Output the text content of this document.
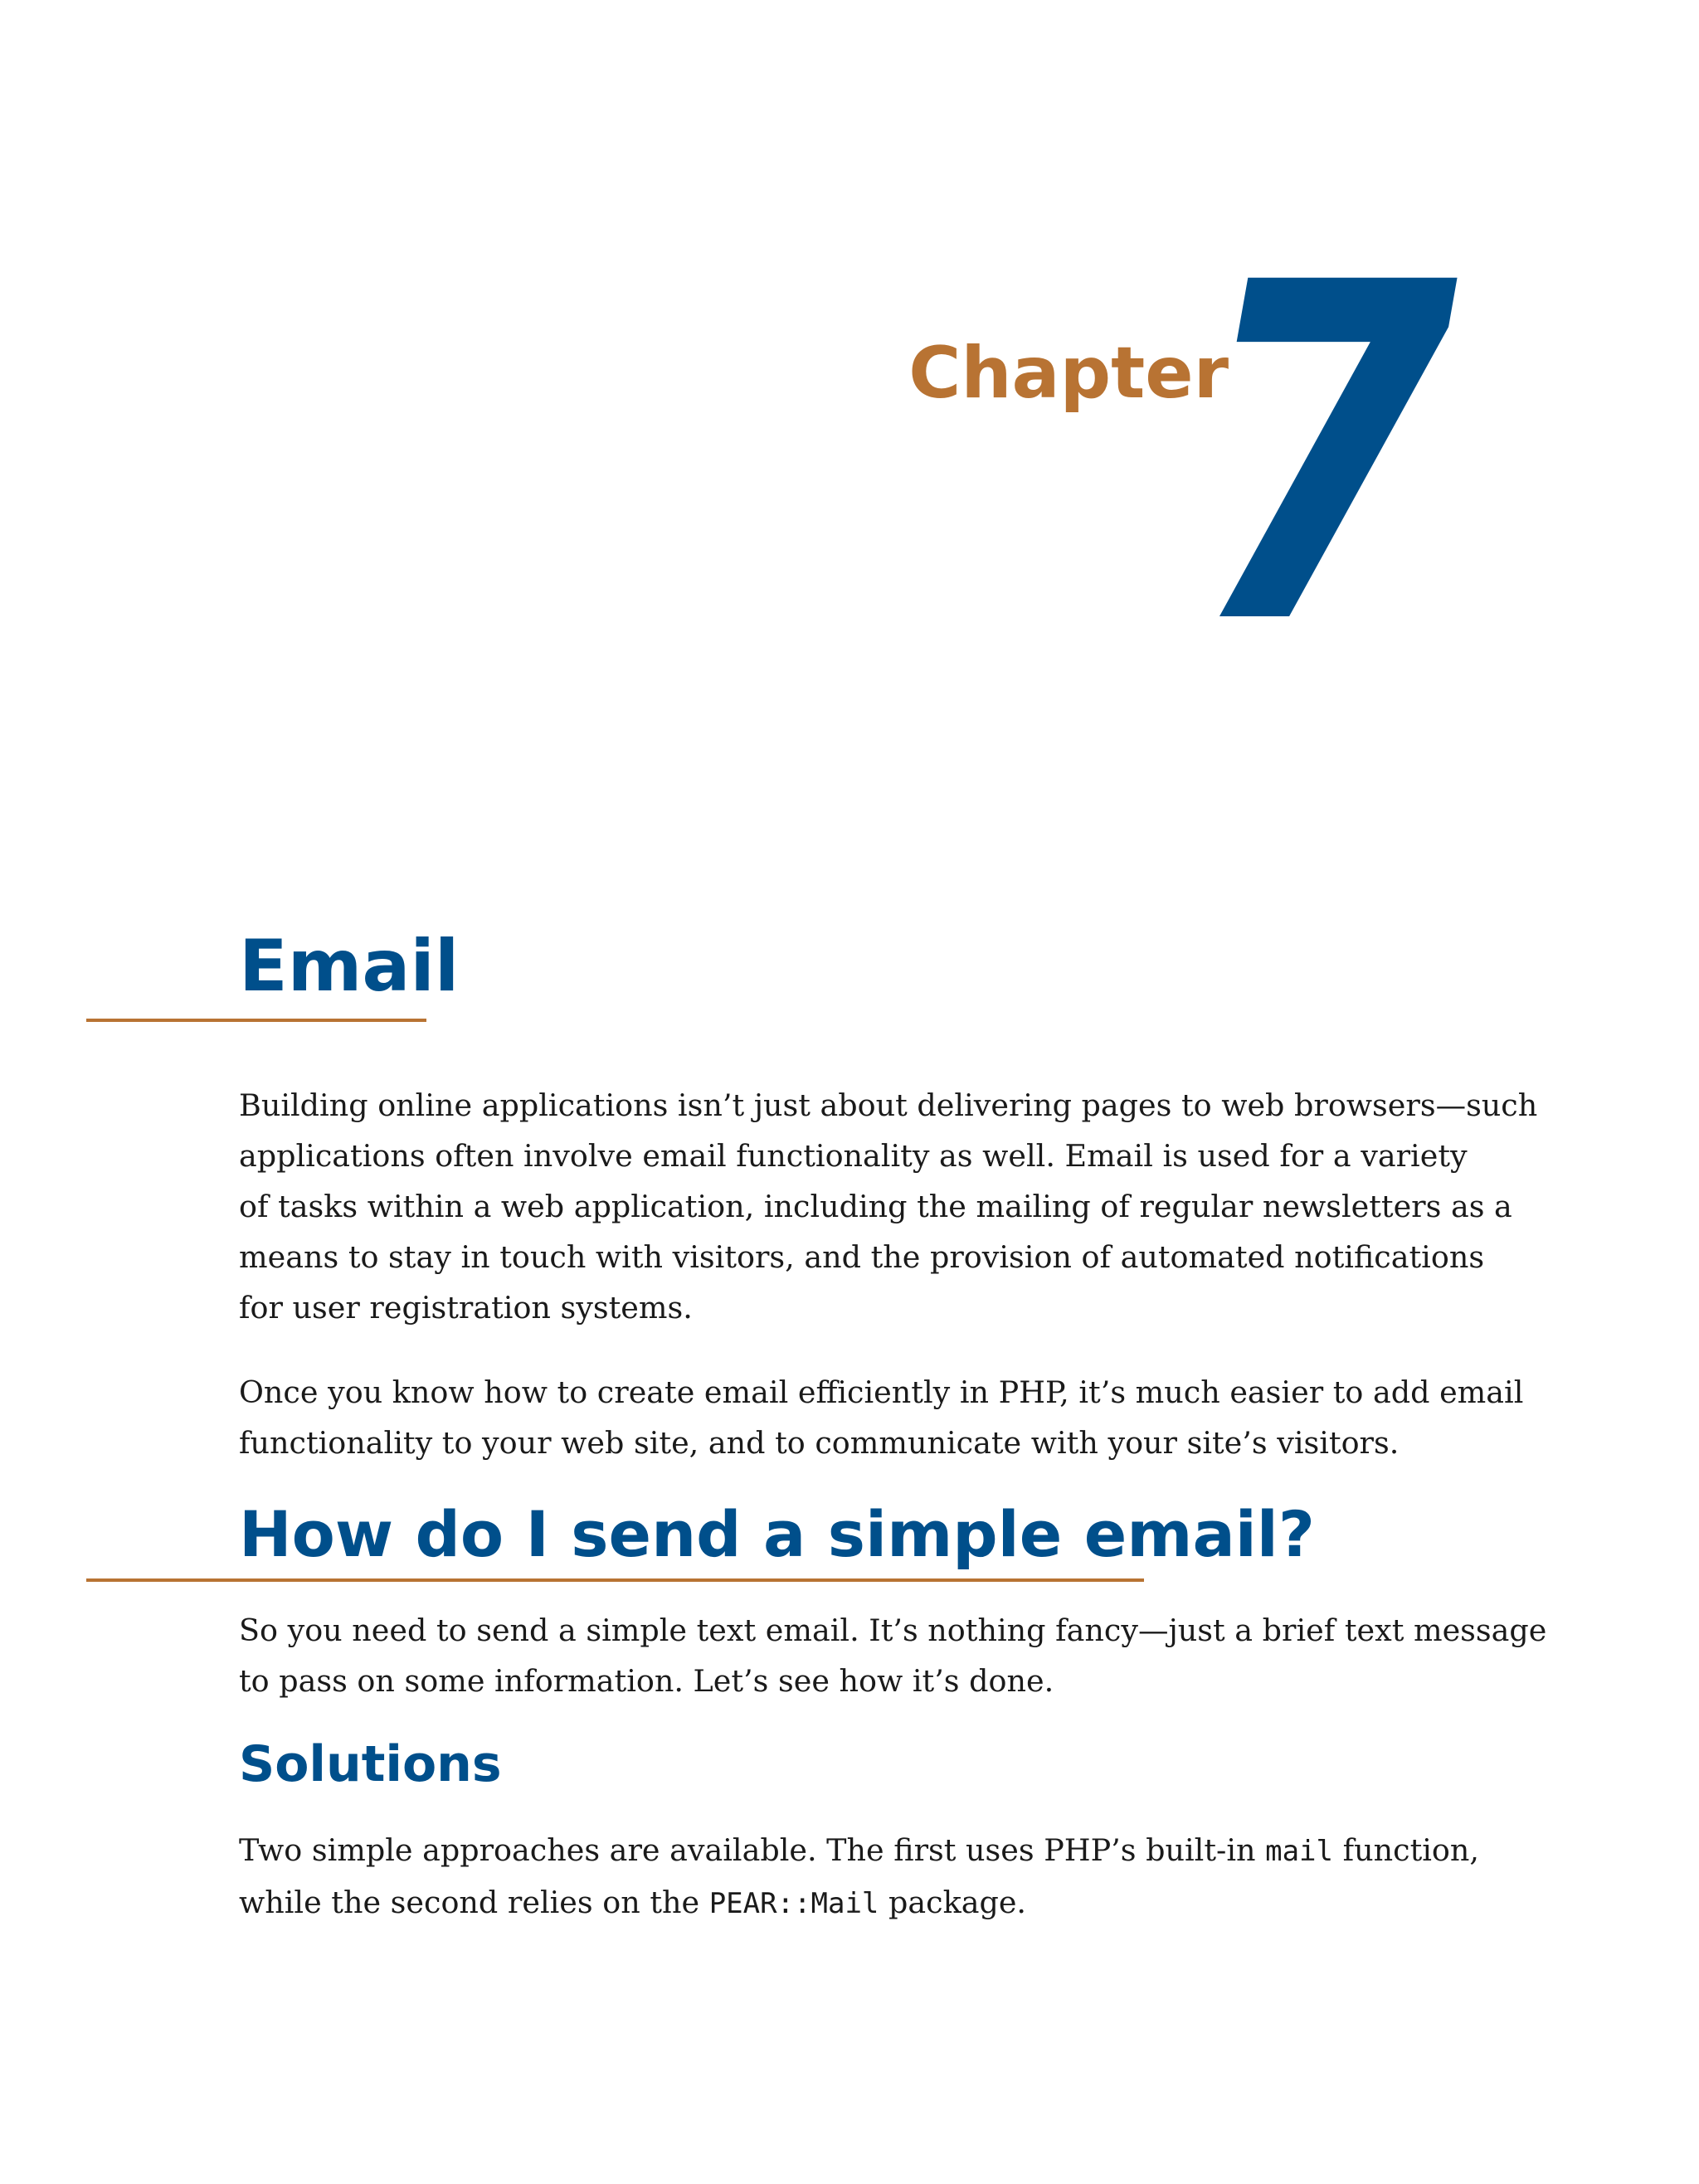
Chapter
7
Email
Building online applications isn’t just about delivering pages to web browsers—such
applications often involve email functionality as well. Email is used for a variety
of tasks within a web application, including the mailing of regular newsletters as a
means to stay in touch with visitors, and the provision of automated notifications
for user registration systems.
Once you know how to create email efficiently in PHP, it’s much easier to add email
functionality to your web site, and to communicate with your site’s visitors.
How do I send a simple email?
So you need to send a simple text email. It’s nothing fancy—just a brief text message
to pass on some information. Let’s see how it’s done.
Solutions
Two simple approaches are available. The first uses PHP’s built-in mail function,
while the second relies on the PEAR::Mail package.
